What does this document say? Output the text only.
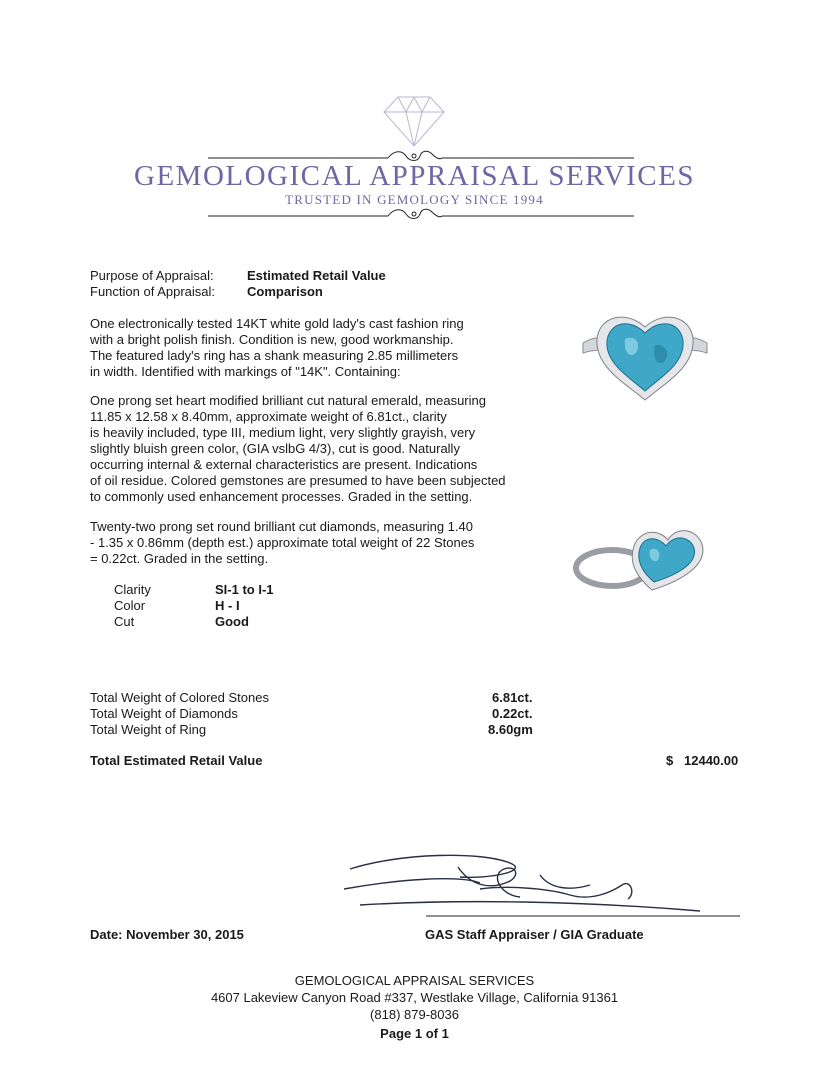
GEMOLOGICAL APPRAISAL SERVICES
TRUSTED IN GEMOLOGY SINCE 1994
Purpose of Appraisal:	Estimated Retail Value
Function of Appraisal: Comparison
One electronically tested 14KT white gold lady's cast fashion ring
with a bright polish finish. Condition is new, good workmanship.
The featured lady's ring has a shank measuring 2.85 millimeters
in width. Identified with markings of "14K". Containing:
One prong set heart modified brilliant cut natural emerald, measuring
11.85 x 12.58 x 8.40mm, approximate weight of 6.81ct., clarity
is heavily included, type III, medium light, very slightly grayish, very
slightly bluish green color, (GIA vslbG 4/3), cut is good. Naturally
occurring internal & external characteristics are present. Indications
of oil residue. Colored gemstones are presumed to have been subjected
to commonly used enhancement processes. Graded in the setting.
Twenty-two prong set round brilliant cut diamonds, measuring 1.40
- 1.35 x 0.86mm (depth est.) approximate total weight of 22 Stones
= 0.22ct. Graded in the setting.
Clarity	SI-1 to I-1
Color	H - I
Cut	Good
Total Weight of Colored Stones	6.81ct.
Total Weight of Diamonds	0.22ct.
Total Weight of Ring	8.60gm
Total Estimated Retail Value	$ 12440.00
Date: November 30, 2015	GAS Staff Appraiser / GIA Graduate
GEMOLOGICAL APPRAISAL SERVICES
4607 Lakeview Canyon Road #337, Westlake Village, California 91361
(818) 879-8036
Page 1 of 1
